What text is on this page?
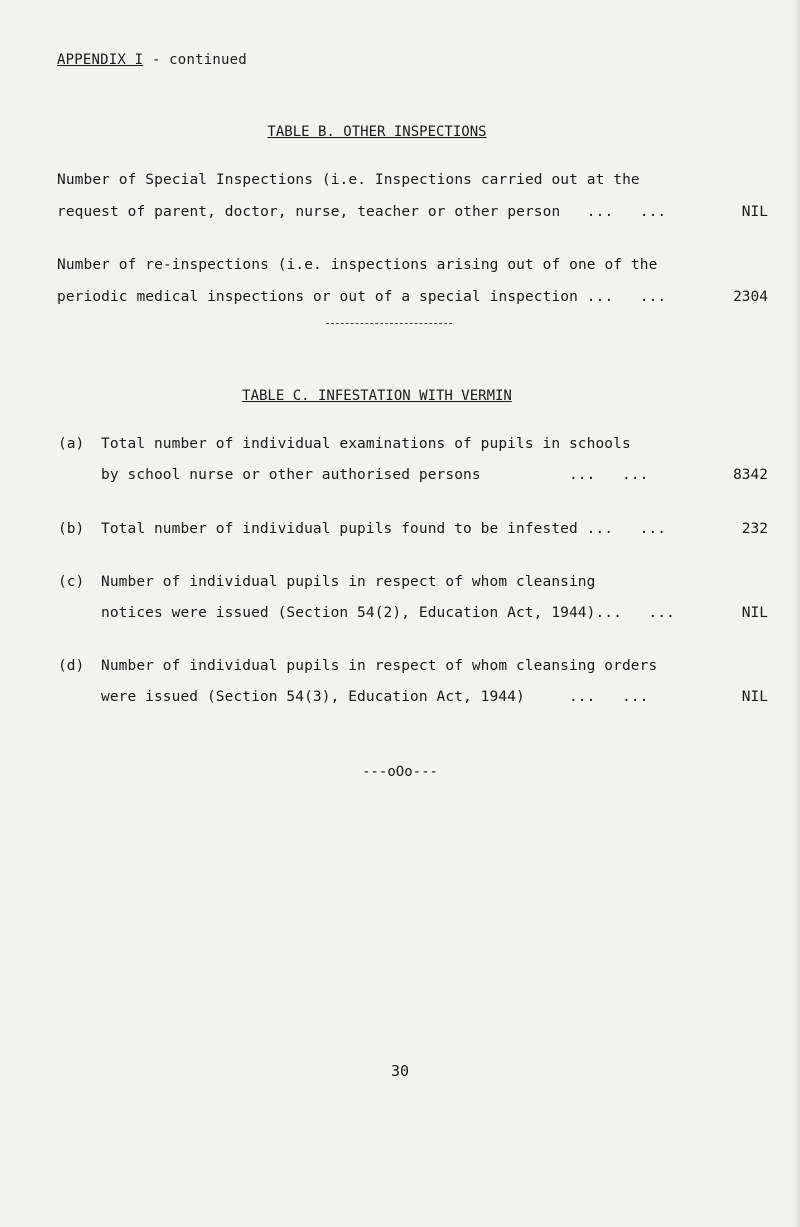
APPENDIX I - continued
TABLE B. OTHER INSPECTIONS
Number of Special Inspections (i.e. Inspections carried out at the
request of parent, doctor, nurse, teacher or other person   ...   ...	NIL
Number of re-inspections (i.e. inspections arising out of one of the
periodic medical inspections or out of a special inspection ...   ...	2304
TABLE C. INFESTATION WITH VERMIN
(a) Total number of individual examinations of pupils in schools
by school nurse or other authorised persons          ...   ...	8342
(b) Total number of individual pupils found to be infested ...   ...	232
(c) Number of individual pupils in respect of whom cleansing
notices were issued (Section 54(2), Education Act, 1944)...   ...	NIL
(d) Number of individual pupils in respect of whom cleansing orders
were issued (Section 54(3), Education Act, 1944)     ...   ...	NIL
---oOo---
30
